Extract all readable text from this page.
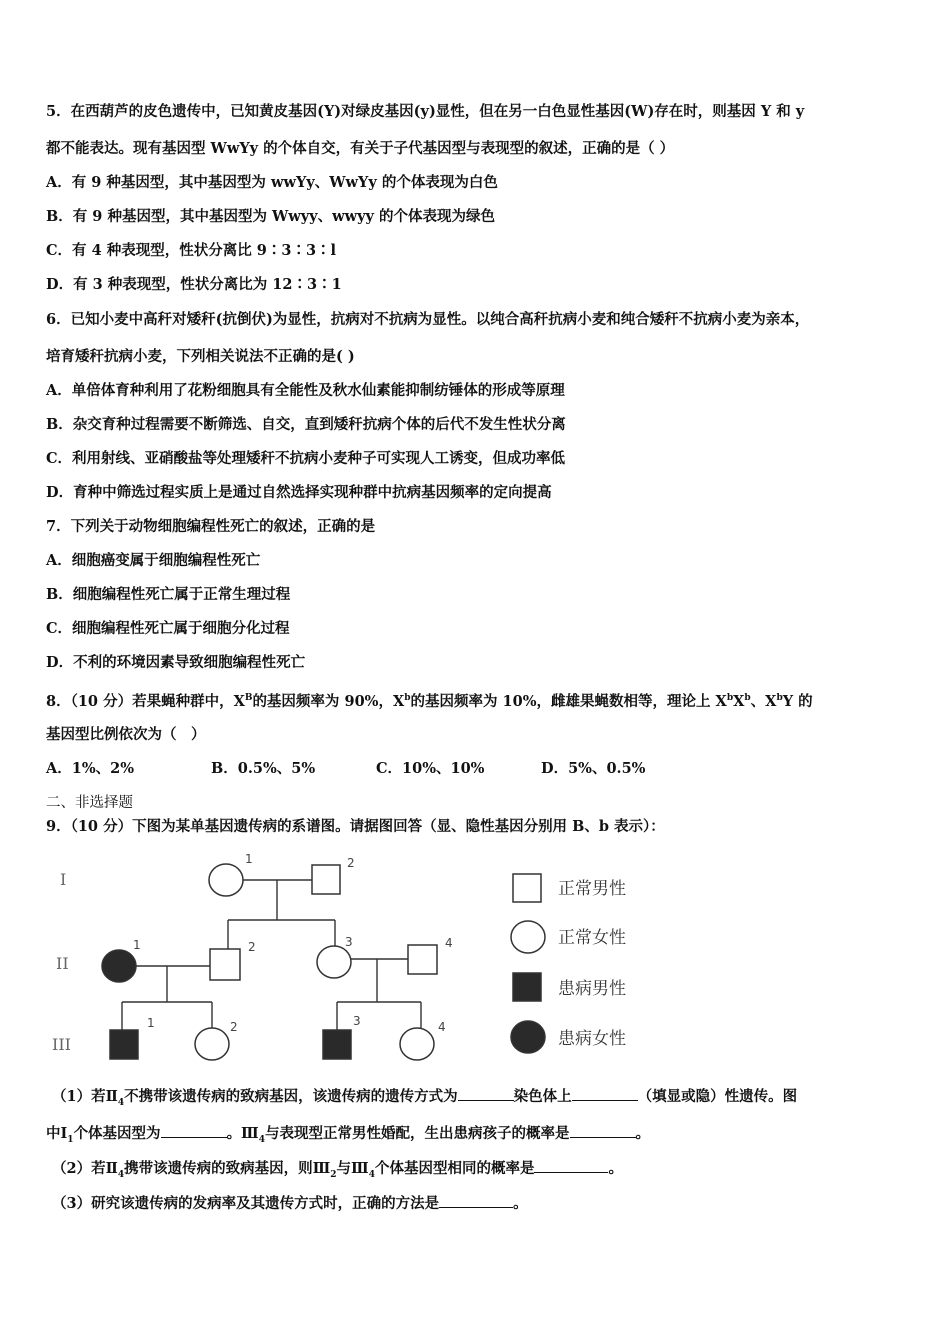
5．在西葫芦的皮色遗传中，已知黄皮基因(Y)对绿皮基因(y)显性，但在另一白色显性基因(W)存在时，则基因 Y 和 y
都不能表达。现有基因型 WwYy 的个体自交，有关于子代基因型与表现型的叙述，正确的是（ ）
A．有 9 种基因型，其中基因型为 wwYy、WwYy 的个体表现为白色
B．有 9 种基因型，其中基因型为 Wwyy、wwyy 的个体表现为绿色
C．有 4 种表现型，性状分离比 9∶3∶3∶l
D．有 3 种表现型，性状分离比为 12∶3∶1
6．已知小麦中高秆对矮秆(抗倒伏)为显性，抗病对不抗病为显性。以纯合高秆抗病小麦和纯合矮秆不抗病小麦为亲本，
培育矮秆抗病小麦，下列相关说法不正确的是( )
A．单倍体育种利用了花粉细胞具有全能性及秋水仙素能抑制纺锤体的形成等原理
B．杂交育种过程需要不断筛选、自交，直到矮秆抗病个体的后代不发生性状分离
C．利用射线、亚硝酸盐等处理矮秆不抗病小麦种子可实现人工诱变，但成功率低
D．育种中筛选过程实质上是通过自然选择实现种群中抗病基因频率的定向提高
7．下列关于动物细胞编程性死亡的叙述，正确的是
A．细胞癌变属于细胞编程性死亡
B．细胞编程性死亡属于正常生理过程
C．细胞编程性死亡属于细胞分化过程
D．不利的环境因素导致细胞编程性死亡
8．（10 分）若果蝇种群中，$X^B$的基因频率为 90%，$X^b$的基因频率为 10%，雌雄果蝇数相等，理论上 $X^bX^b$、$X^bY$ 的
基因型比例依次为（　）
A．1%、2%	B．0.5%、5%	C．10%、10%	D．5%、0.5%
二、非选择题
9．（10 分）下图为某单基因遗传病的系谱图。请据图回答（显、隐性基因分别用 B、b 表示）：
I
II
III
1	2
1	2	3	4
1	2	3	4
正常男性
正常女性
患病男性
患病女性
（1）若$Ⅱ_4$不携带该遗传病的致病基因，该遗传病的遗传方式为	染色体上	（填显或隐）性遗传。图
中$Ⅰ_1$个体基因型为	。$Ⅲ_4$与表现型正常男性婚配，生出患病孩子的概率是	。
（2）若$Ⅱ_4$携带该遗传病的致病基因，则$Ⅲ_2$与$Ⅲ_4$个体基因型相同的概率是	。
（3）研究该遗传病的发病率及其遗传方式时，正确的方法是	。
